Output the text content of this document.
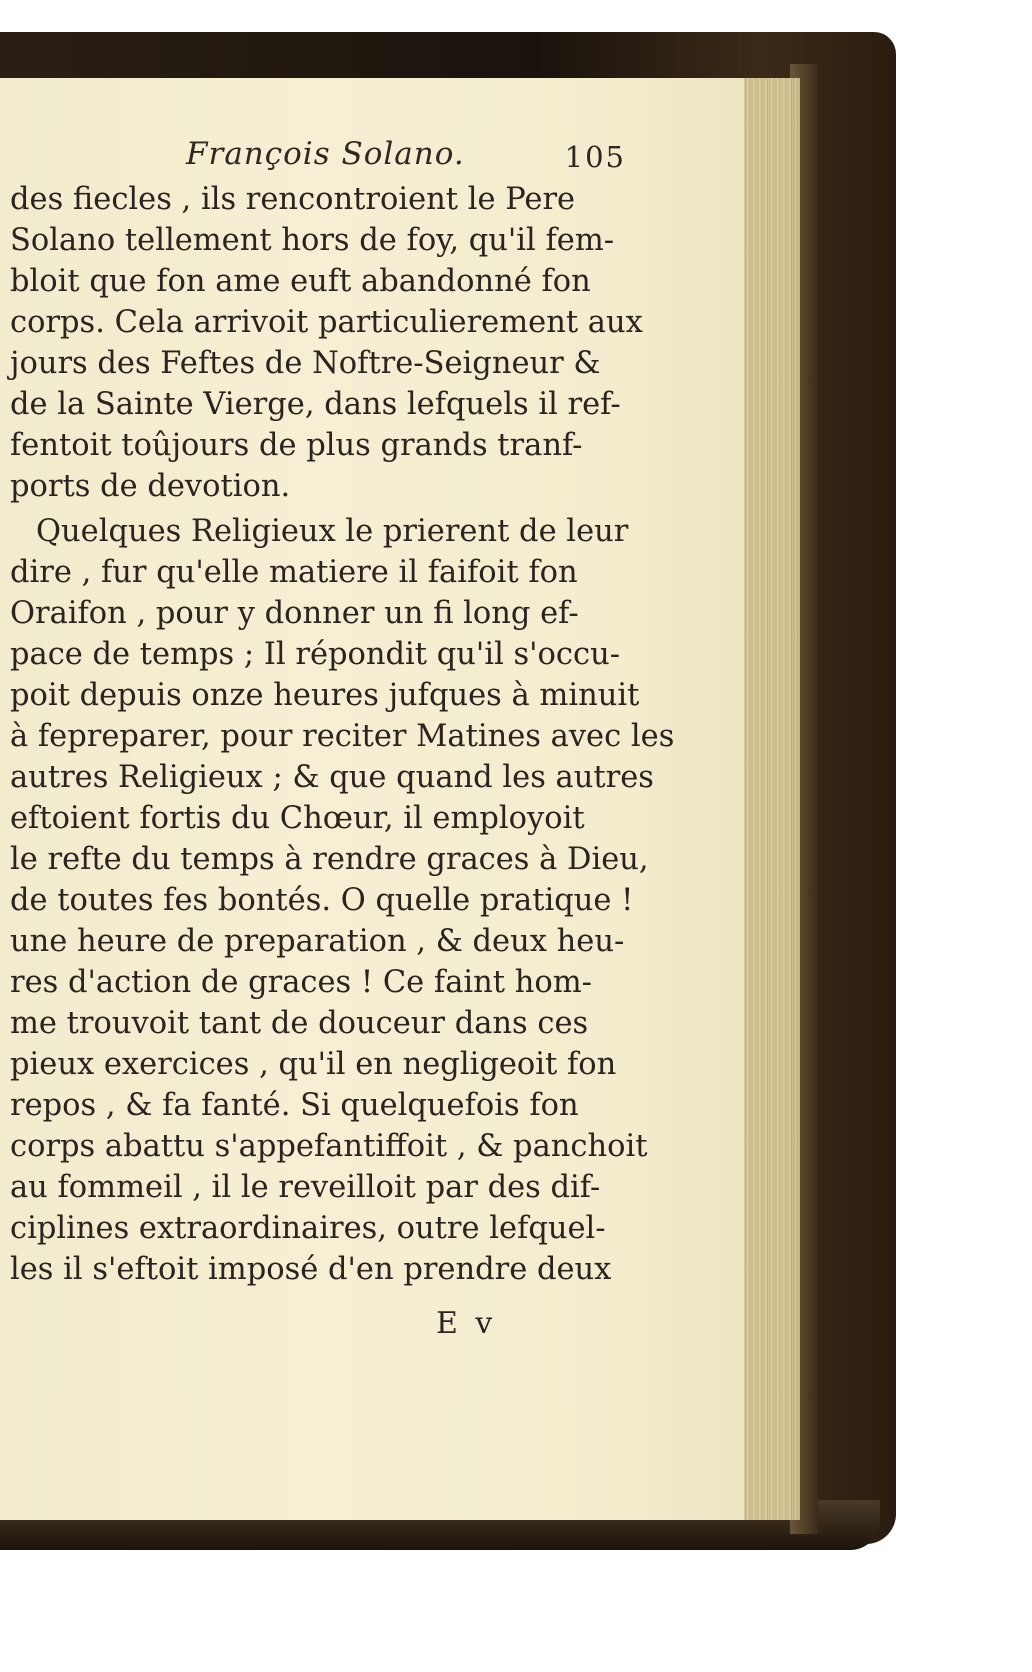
François Solano.	105
des fiecles , ils rencontroient le Pere
Solano tellement hors de foy, qu'il fem-
bloit que fon ame euft abandonné fon
corps. Cela arrivoit particulierement aux
jours des Feftes de Noftre-Seigneur &
de la Sainte Vierge, dans lefquels il ref-
fentoit toûjours de plus grands tranf-
ports de devotion.
Quelques Religieux le prierent de leur
dire , fur qu'elle matiere il faifoit fon
Oraifon , pour y donner un fi long ef-
pace de temps ; Il répondit qu'il s'occu-
poit depuis onze heures jufques à minuit
à fepreparer, pour reciter Matines avec les
autres Religieux ; & que quand les autres
eftoient fortis du Chœur, il employoit
le refte du temps à rendre graces à Dieu,
de toutes fes bontés. O quelle pratique !
une heure de preparation , & deux heu-
res d'action de graces ! Ce faint hom-
me trouvoit tant de douceur dans ces
pieux exercices , qu'il en negligeoit fon
repos , & fa fanté. Si quelquefois fon
corps abattu s'appefantiffoit , & panchoit
au fommeil , il le reveilloit par des dif-
ciplines extraordinaires, outre lefquel-
les il s'eftoit imposé d'en prendre deux
E v
